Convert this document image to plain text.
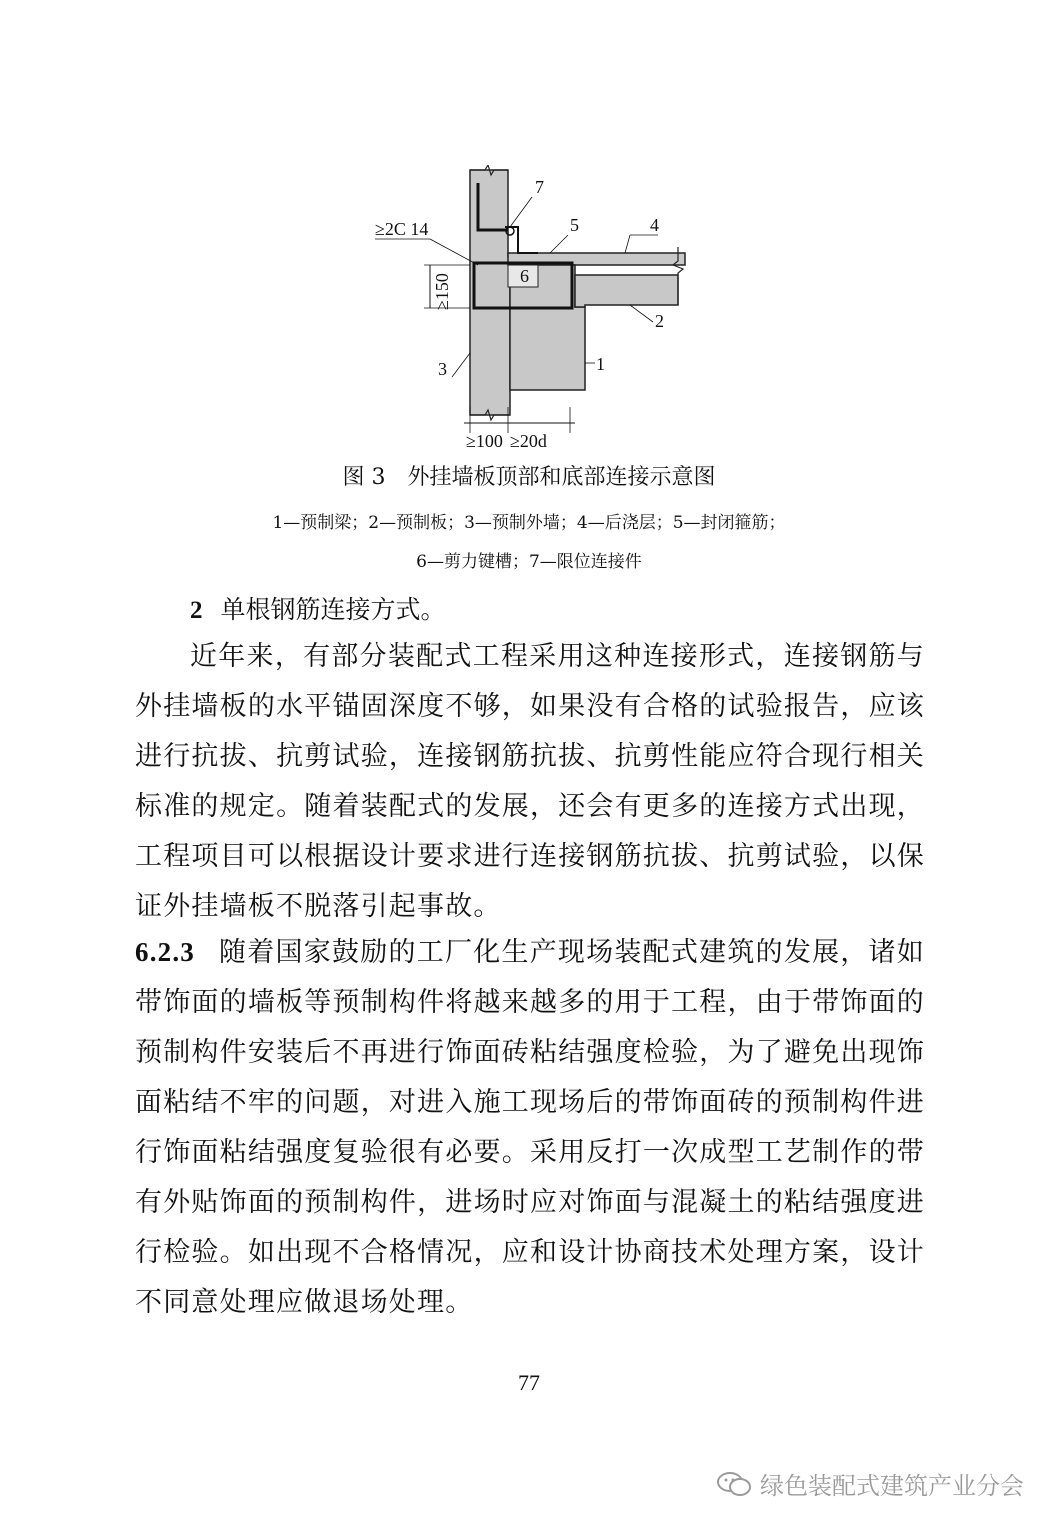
≥150
≥100 ≥20d
≥2C 14
7
5	4
6
2
3	1
图 3　外挂墙板顶部和底部连接示意图
1—预制梁；2—预制板；3—预制外墙；4—后浇层；5—封闭箍筋；
6—剪力键槽；7—限位连接件
2 单根钢筋连接方式。

近年来，有部分装配式工程采用这种连接形式，连接钢筋与外挂墙板的水平锚固深度不够，如果没有合格的试验报告，应该进行抗拔、抗剪试验，连接钢筋抗拔、抗剪性能应符合现行相关标准的规定。随着装配式的发展，还会有更多的连接方式出现，工程项目可以根据设计要求进行连接钢筋抗拔、抗剪试验，以保证外挂墙板不脱落引起事故。

6.2.3 随着国家鼓励的工厂化生产现场装配式建筑的发展，诸如带饰面的墙板等预制构件将越来越多的用于工程，由于带饰面的预制构件安装后不再进行饰面砖粘结强度检验，为了避免出现饰面粘结不牢的问题，对进入施工现场后的带饰面砖的预制构件进行饰面粘结强度复验很有必要。采用反打一次成型工艺制作的带有外贴饰面的预制构件，进场时应对饰面与混凝土的粘结强度进行检验。如出现不合格情况，应和设计协商技术处理方案，设计不同意处理应做退场处理。

77
绿色装配式建筑产业分会
